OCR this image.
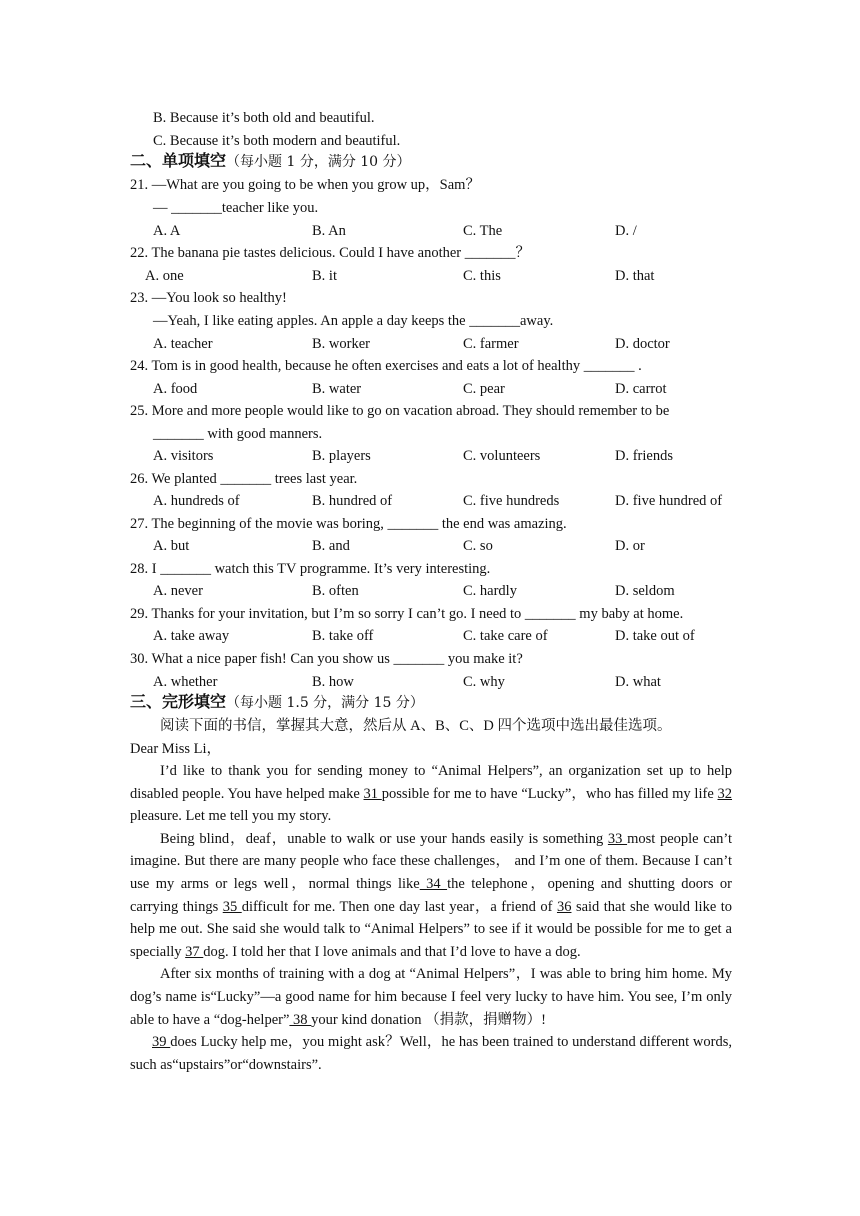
B. Because it’s both old and beautiful.
C. Because it’s both modern and beautiful.
二、单项填空（每小题 1 分，满分 10 分）
21. —What are you going to be when you grow up，Sam？
— _______teacher like you.
A. A	B. An	C. The	D. /
22. The banana pie tastes delicious. Could I have another _______？
A. one	B. it	C. this	D. that
23. —You look so healthy!
—Yeah, I like eating apples. An apple a day keeps the _______away.
A. teacher	B. worker	C. farmer	D. doctor
24. Tom is in good health, because he often exercises and eats a lot of healthy _______ .
A. food	B. water	C. pear	D. carrot
25. More and more people would like to go on vacation abroad. They should remember to be
_______ with good manners.
A. visitors	B. players	C. volunteers	D. friends
26. We planted _______ trees last year.
A. hundreds of	B. hundred of	C. five hundreds	D. five hundred of
27. The beginning of the movie was boring, _______ the end was amazing.
A. but	B. and	C. so	D. or
28. I _______ watch this TV programme. It’s very interesting.
A. never	B. often	C. hardly	D. seldom
29. Thanks for your invitation, but I’m so sorry I can’t go. I need to _______ my baby at home.
A. take away	B. take off	C. take care of	D. take out of
30. What a nice paper fish! Can you show us _______ you make it?
A. whether	B. how	C. why	D. what
三、完形填空（每小题 1.5 分，满分 15 分）
阅读下面的书信，掌握其大意，然后从 A、B、C、D 四个选项中选出最佳选项。
Dear Miss Li，

I’d like to thank you for sending money to “Animal Helpers”, an organization set up to help disabled people. You have helped make 31 possible for me to have “Lucky”，who has filled my life 32 pleasure. Let me tell you my story.

Being blind，deaf，unable to walk or use your hands easily is something 33 most people can’t imagine. But there are many people who face these challenges， and I’m one of them. Because I can’t use my arms or legs well，normal things like 34 the telephone，opening and shutting doors or carrying things 35 difficult for me. Then one day last year，a friend of 36 said that she would like to help me out. She said she would talk to “Animal Helpers” to see if it would be possible for me to get a specially 37 dog. I told her that I love animals and that I’d love to have a dog.

After six months of training with a dog at “Animal Helpers”，I was able to bring him home. My dog’s name is“Lucky”—a good name for him because I feel very lucky to have him. You see, I’m only able to have a “dog-helper” 38 your kind donation （捐款，捐赠物）!

39 does Lucky help me，you might ask？Well，he has been trained to understand different words, such as“upstairs”or“downstairs”.
